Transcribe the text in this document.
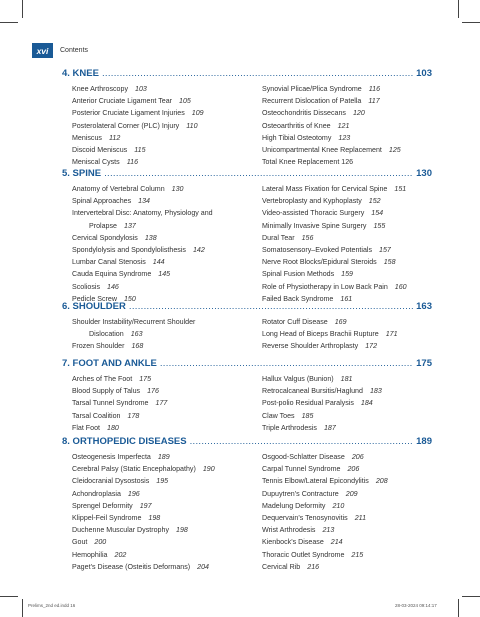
xvi	Contents
4. KNEE .....	103
Knee Arthroscopy 103
Anterior Cruciate Ligament Tear 105
Posterior Cruciate Ligament Injuries 109
Posterolateral Corner (PLC) Injury 110
Meniscus 112
Discoid Meniscus 115
Meniscal Cysts 116
Synovial Plicae/Plica Syndrome 116
Recurrent Dislocation of Patella 117
Osteochondritis Dissecans 120
Osteoarthritis of Knee 121
High Tibial Osteotomy 123
Unicompartmental Knee Replacement 125
Total Knee Replacement 126
5. SPINE .....	130
Anatomy of Vertebral Column 130
Spinal Approaches 134
Intervertebral Disc: Anatomy, Physiology and
Prolapse 137
Cervical Spondylosis 138
Spondylolysis and Spondylolisthesis 142
Lumbar Canal Stenosis 144
Cauda Equina Syndrome 145
Scoliosis 146
Pedicle Screw 150
Lateral Mass Fixation for Cervical Spine 151
Vertebroplasty and Kyphoplasty 152
Video-assisted Thoracic Surgery 154
Minimally Invasive Spine Surgery 155
Dural Tear 156
Somatosensory–Evoked Potentials 157
Nerve Root Blocks/Epidural Steroids 158
Spinal Fusion Methods 159
Role of Physiotherapy in Low Back Pain 160
Failed Back Syndrome 161
6. SHOULDER .....	163
Shoulder Instability/Recurrent Shoulder
Dislocation 163
Frozen Shoulder 168
Rotator Cuff Disease 169
Long Head of Biceps Brachii Rupture 171
Reverse Shoulder Arthroplasty 172
7. FOOT AND ANKLE .....	175
Arches of The Foot 175
Blood Supply of Talus 176
Tarsal Tunnel Syndrome 177
Tarsal Coalition 178
Flat Foot 180
Hallux Valgus (Bunion) 181
Retrocalcaneal Bursitis/Haglund 183
Post-polio Residual Paralysis 184
Claw Toes 185
Triple Arthrodesis 187
8. ORTHOPEDIC DISEASES .....	189
Osteogenesis Imperfecta 189
Cerebral Palsy (Static Encephalopathy) 190
Cleidocranial Dysostosis 195
Achondroplasia 196
Sprengel Deformity 197
Klippel-Feil Syndrome 198
Duchenne Muscular Dystrophy 198
Gout 200
Hemophilia 202
Paget’s Disease (Osteitis Deformans) 204
Osgood-Schlatter Disease 206
Carpal Tunnel Syndrome 206
Tennis Elbow/Lateral Epicondylitis 208
Dupuytren’s Contracture 209
Madelung Deformity 210
Dequervain’s Tenosynovitis 211
Wrist Arthrodesis 213
Kienbock’s Disease 214
Thoracic Outlet Syndrome 215
Cervical Rib 216
Prelims_2nd ed.indd 16	28-03-2024 09:14:17
